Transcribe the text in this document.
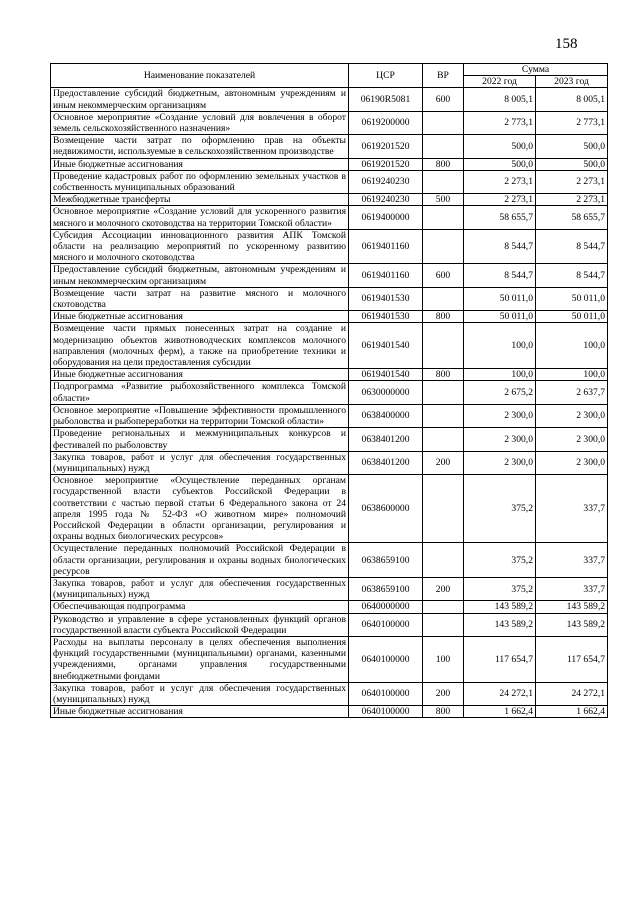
158
Наименование показателей	ЦСР	ВР	Сумма	
			2022 год	2023 год
Предоставление субсидий бюджетным, автономным учреждениям и иным некоммерческим организациям	06190R5081	600	8 005,1	8 005,1
Основное мероприятие «Создание условий для вовлечения в оборот земель сельскохозяйственного назначения»	0619200000		2 773,1	2 773,1
Возмещение части затрат по оформлению прав на объекты недвижимости, используемые в сельскохозяйственном производстве	0619201520		500,0	500,0
Иные бюджетные ассигнования	0619201520	800	500,0	500,0
Проведение кадастровых работ по оформлению земельных участков в собственность муниципальных образований	0619240230		2 273,1	2 273,1
Межбюджетные трансферты	0619240230	500	2 273,1	2 273,1
Основное мероприятие «Создание условий для ускоренного развития мясного и молочного скотоводства на территории Томской области»	0619400000		58 655,7	58 655,7
Субсидия Ассоциации инновационного развития АПК Томской области на реализацию мероприятий по ускоренному развитию мясного и молочного скотоводства	0619401160		8 544,7	8 544,7
Предоставление субсидий бюджетным, автономным учреждениям и иным некоммерческим организациям	0619401160	600	8 544,7	8 544,7
Возмещение части затрат на развитие мясного и молочного скотоводства	0619401530		50 011,0	50 011,0
Иные бюджетные ассигнования	0619401530	800	50 011,0	50 011,0
Возмещение части прямых понесенных затрат на создание и модернизацию объектов животноводческих комплексов молочного направления (молочных ферм), а также на приобретение техники и оборудования на цели предоставления субсидии	0619401540		100,0	100,0
Иные бюджетные ассигнования	0619401540	800	100,0	100,0
Подпрограмма «Развитие рыбохозяйственного комплекса Томской области»	0630000000		2 675,2	2 637,7
Основное мероприятие «Повышение эффективности промышленного рыболовства и рыбопереработки на территории Томской области»	0638400000		2 300,0	2 300,0
Проведение региональных и межмуниципальных конкурсов и фестивалей по рыболовству	0638401200		2 300,0	2 300,0
Закупка товаров, работ и услуг для обеспечения государственных (муниципальных) нужд	0638401200	200	2 300,0	2 300,0
Основное мероприятие «Осуществление переданных органам государственной власти субъектов Российской Федерации в соответствии с частью первой статьи 6 Федерального закона от 24 апреля 1995 года № 52-ФЗ «О животном мире» полномочий Российской Федерации в области организации, регулирования и охраны водных биологических ресурсов»	0638600000		375,2	337,7
Осуществление переданных полномочий Российской Федерации в области организации, регулирования и охраны водных биологических ресурсов	0638659100		375,2	337,7
Закупка товаров, работ и услуг для обеспечения государственных (муниципальных) нужд	0638659100	200	375,2	337,7
Обеспечивающая подпрограмма	0640000000		143 589,2	143 589,2
Руководство и управление в сфере установленных функций органов государственной власти субъекта Российской Федерации	0640100000		143 589,2	143 589,2
Расходы на выплаты персоналу в целях обеспечения выполнения функций государственными (муниципальными) органами, казенными учреждениями, органами управления государственными внебюджетными фондами	0640100000	100	117 654,7	117 654,7
Закупка товаров, работ и услуг для обеспечения государственных (муниципальных) нужд	0640100000	200	24 272,1	24 272,1
Иные бюджетные ассигнования	0640100000	800	1 662,4	1 662,4
